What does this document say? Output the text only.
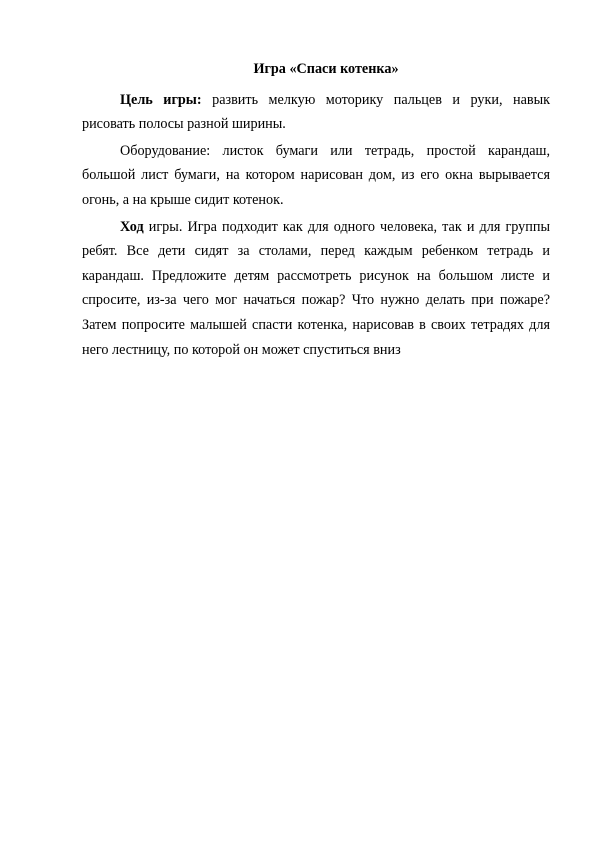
Игра «Спаси котенка»

Цель игры: развить мелкую моторику пальцев и руки, навык рисовать полосы разной ширины.

Оборудование: листок бумаги или тетрадь, простой карандаш, большой лист бумаги, на котором нарисован дом, из его окна вырывается огонь, а на крыше сидит котенок.

Ход игры. Игра подходит как для одного человека, так и для группы ребят. Все дети сидят за столами, перед каждым ребенком тетрадь и карандаш. Предложите детям рассмотреть рисунок на большом листе и спросите, из-за чего мог начаться пожар? Что нужно делать при пожаре? Затем попросите малышей спасти котенка, нарисовав в своих тетрадях для него лестницу, по которой он может спуститься вниз
